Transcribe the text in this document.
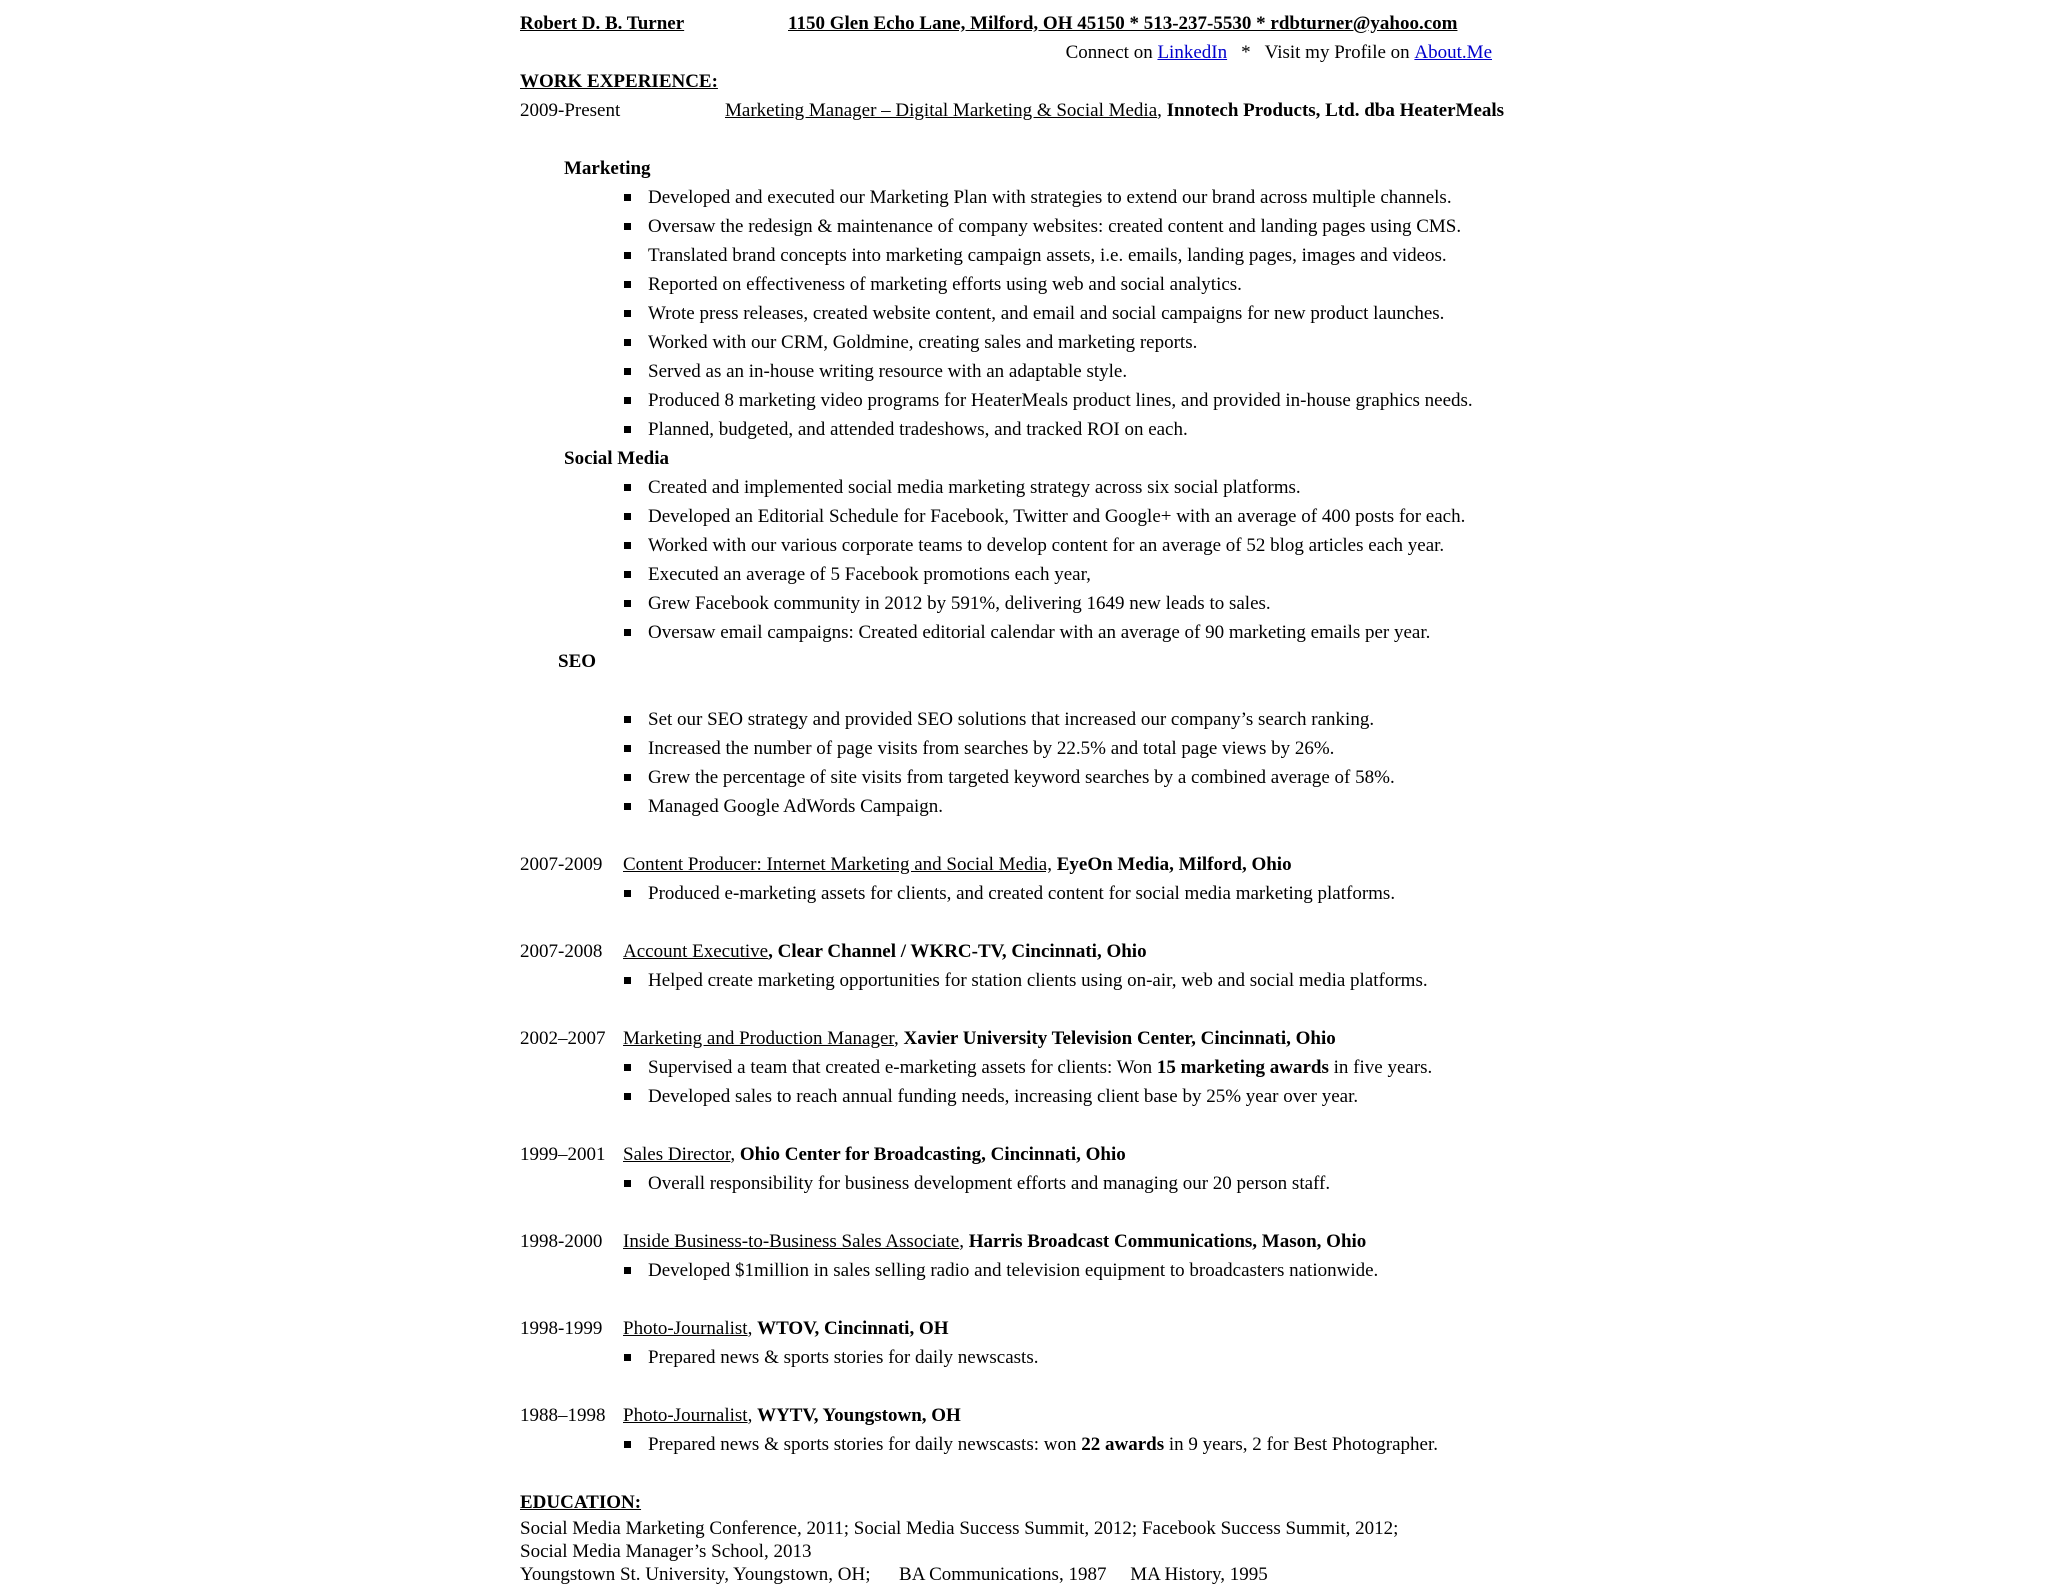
Robert D. B. Turner	1150 Glen Echo Lane, Milford, OH 45150 * 513-237-5530 * rdbturner@yahoo.com
Connect on
LinkedIn * Visit my Profile on
About.Me
WORK EXPERIENCE:
2009-Present	Marketing Manager – Digital Marketing & Social Media ,
Innotech Products, Ltd. dba HeaterMeals
Marketing
Developed and executed our Marketing Plan with strategies to extend our brand across multiple channels.
Oversaw the redesign & maintenance of company websites: created content and landing pages using CMS.
Translated brand concepts into marketing campaign assets, i.e. emails, landing pages, images and videos.
Reported on effectiveness of marketing efforts using web and social analytics.
Wrote press releases, created website content, and email and social campaigns for new product launches.
Worked with our CRM, Goldmine, creating sales and marketing reports.
Served as an in-house writing resource with an adaptable style.
Produced 8 marketing video programs for HeaterMeals product lines, and provided in-house graphics needs.
Planned, budgeted, and attended tradeshows, and tracked ROI on each.
Social Media
Created and implemented social media marketing strategy across six social platforms.
Developed an Editorial Schedule for Facebook, Twitter and Google+ with an average of 400 posts for each.
Worked with our various corporate teams to develop content for an average of 52 blog articles each year.
Executed an average of 5 Facebook promotions each year,
Grew Facebook community in 2012 by 591%, delivering 1649 new leads to sales.
Oversaw email campaigns: Created editorial calendar with an average of 90 marketing emails per year.
SEO
Set our SEO strategy and provided SEO solutions that increased our company’s search ranking.
Increased the number of page visits from searches by 22.5% and total page views by 26%.
Grew the percentage of site visits from targeted keyword searches by a combined average of 58%.
Managed Google AdWords Campaign.
2007-2009	Content Producer: Internet Marketing and Social Media, EyeOn Media, Milford, Ohio
Produced e-marketing assets for clients, and created content for social media marketing platforms.
2007-2008	Account Executive, Clear Channel / WKRC-TV, Cincinnati, Ohio
Helped create marketing opportunities for station clients using on-air, web and social media platforms.
2002–2007 Marketing and Production Manager, Xavier University Television Center, Cincinnati, Ohio
Supervised a team that created e-marketing assets for clients: Won 15 marketing awards in five years.
Developed sales to reach annual funding needs, increasing client base by 25% year over year.
1999–2001 Sales Director, Ohio Center for Broadcasting, Cincinnati, Ohio
Overall responsibility for business development efforts and managing our 20 person staff.
1998-2000	Inside Business-to-Business Sales Associate, Harris Broadcast Communications, Mason, Ohio
Developed $1million in sales selling radio and television equipment to broadcasters nationwide.
1998-1999	Photo-Journalist, WTOV, Cincinnati, OH
Prepared news & sports stories for daily newscasts.
1988–1998 Photo-Journalist, WYTV, Youngstown, OH
Prepared news & sports stories for daily newscasts: won 22 awards in 9 years, 2 for Best Photographer.
EDUCATION:
Social Media Marketing Conference, 2011; Social Media Success Summit, 2012; Facebook Success Summit, 2012;
Social Media Manager’s School, 2013
Youngstown St. University, Youngstown, OH;      BA Communications, 1987     MA History, 1995
